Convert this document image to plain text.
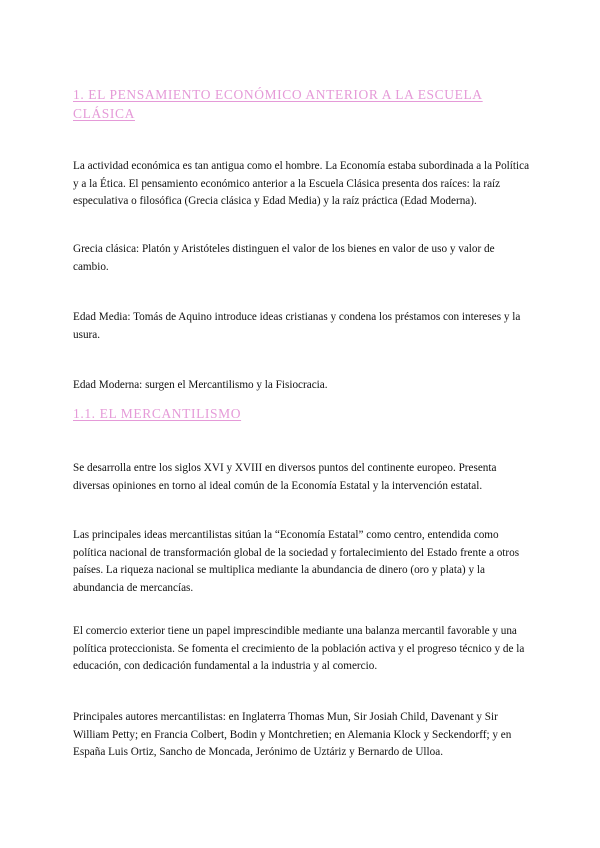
1. EL PENSAMIENTO ECONÓMICO ANTERIOR A LA ESCUELA CLÁSICA

La actividad económica es tan antigua como el hombre. La Economía estaba subordinada a la Política y a la Ética. El pensamiento económico anterior a la Escuela Clásica presenta dos raíces: la raíz especulativa o filosófica (Grecia clásica y Edad Media) y la raíz práctica (Edad Moderna).

Grecia clásica: Platón y Aristóteles distinguen el valor de los bienes en valor de uso y valor de cambio.

Edad Media: Tomás de Aquino introduce ideas cristianas y condena los préstamos con intereses y la usura.

Edad Moderna: surgen el Mercantilismo y la Fisiocracia.

1.1. EL MERCANTILISMO

Se desarrolla entre los siglos XVI y XVIII en diversos puntos del continente europeo. Presenta diversas opiniones en torno al ideal común de la Economía Estatal y la intervención estatal.

Las principales ideas mercantilistas sitúan la “Economía Estatal” como centro, entendida como política nacional de transformación global de la sociedad y fortalecimiento del Estado frente a otros países. La riqueza nacional se multiplica mediante la abundancia de dinero (oro y plata) y la abundancia de mercancías.

El comercio exterior tiene un papel imprescindible mediante una balanza mercantil favorable y una política proteccionista. Se fomenta el crecimiento de la población activa y el progreso técnico y de la educación, con dedicación fundamental a la industria y al comercio.

Principales autores mercantilistas: en Inglaterra Thomas Mun, Sir Josiah Child, Davenant y Sir William Petty; en Francia Colbert, Bodin y Montchretien; en Alemania Klock y Seckendorff; y en España Luis Ortiz, Sancho de Moncada, Jerónimo de Uztáriz y Bernardo de Ulloa.
